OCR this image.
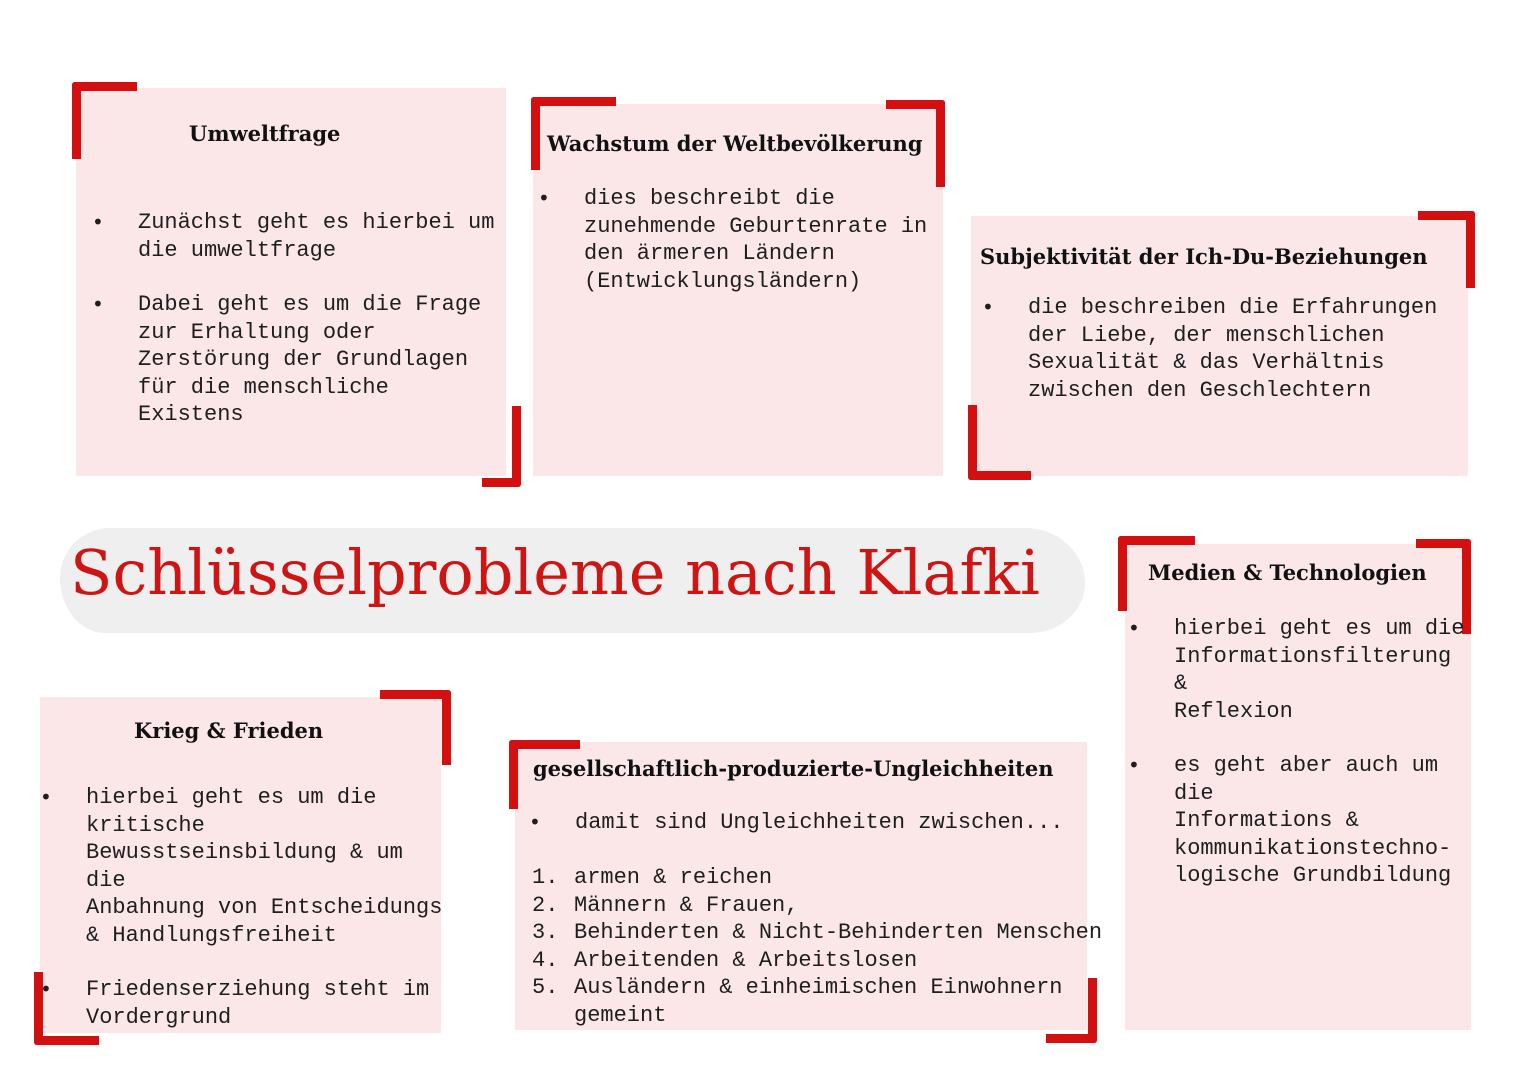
Schlüsselprobleme nach Klafki
Umweltfrage
• Zunächst geht es hierbei um
die umweltfrage
• Dabei geht es um die Frage
zur Erhaltung oder
Zerstörung der Grundlagen
für die menschliche Existens
Wachstum der Weltbevölkerung
• dies beschreibt die
zunehmende Geburtenrate in
den ärmeren Ländern
(Entwicklungsländern)
Subjektivität der Ich-Du-Beziehungen
• die beschreiben die Erfahrungen
der Liebe, der menschlichen
Sexualität & das Verhältnis
zwischen den Geschlechtern
Medien & Technologien
• hierbei geht es um die
Informationsfilterung &
Reflexion
• es geht aber auch um die
Informations &
kommunikationstechno-
logische Grundbildung
Krieg & Frieden
• hierbei geht es um die kritische
Bewusstseinsbildung & um die
Anbahnung von Entscheidungs
& Handlungsfreiheit
• Friedenserziehung steht im
Vordergrund
gesellschaftlich-produzierte-Ungleichheiten
• damit sind Ungleichheiten zwischen...
1. armen & reichen
2. Männern & Frauen,
3. Behinderten & Nicht-Behinderten Menschen
4. Arbeitenden & Arbeitslosen
5. Ausländern & einheimischen Einwohnern
gemeint
